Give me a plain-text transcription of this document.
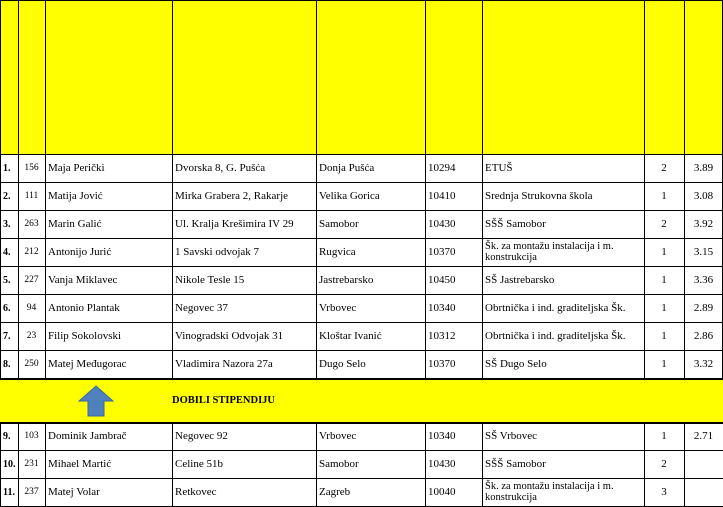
1.	156 Maja Perički	Dvorska 8, G. Pušća	Donja Pušća	10294	ETUŠ	2	3.89
2.	111 Matija Jović	Mirka Grabera 2, Rakarje	Velika Gorica	10410	Srednja Strukovna škola	1	3.08
3.	263 Marin Galić	Ul. Kralja Krešimira IV 29	Samobor	10430	SŠŠ Samobor	2	3.92
4.	212 Antonijo Jurić	1 Savski odvojak 7	Rugvica	10370	Šk. za montažu instalacija i m. konstrukcija	1	3.15
5.	227 Vanja Miklavec	Nikole Tesle 15	Jastrebarsko	10450	SŠ Jastrebarsko	1	3.36
6.	94	Antonio Plantak	Negovec 37	Vrbovec	10340	Obrtnička i ind. graditeljska Šk.	1	2.89
7.	23	Filip Sokolovski	Vinogradski Odvojak 31	Kloštar Ivanić	10312	Obrtnička i ind. graditeljska Šk.	1	2.86
8.	250 Matej Međugorac	Vladimira Nazora 27a	Dugo Selo	10370	SŠ Dugo Selo	1	3.32
DOBILI STIPENDIJU
9.	103 Dominik Jambrač	Negovec 92	Vrbovec	10340	SŠ Vrbovec	1	2.71
10. 231 Mihael Martić	Celine 51b	Samobor	10430	SŠŠ Samobor	2
11. 237 Matej Volar	Retkovec	Zagreb	10040	Šk. za montažu instalacija i m. konstrukcija	3
